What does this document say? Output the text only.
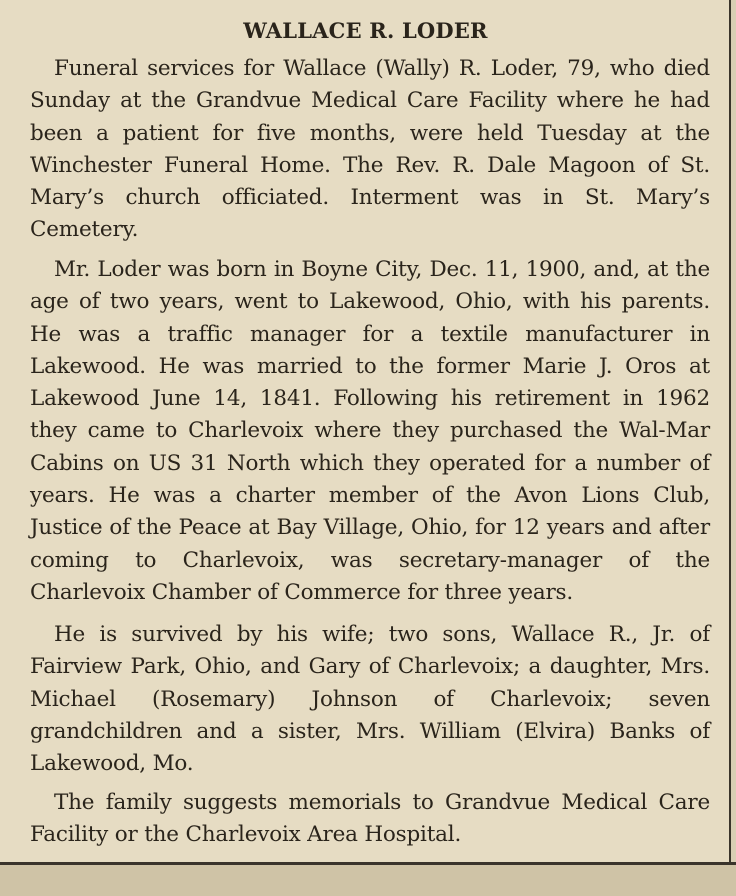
WALLACE R. LODER

Funeral services for Wallace (Wally) R. Loder, 79, who died Sunday at the Grandvue Medical Care Facility where he had been a patient for five months, were held Tuesday at the Winchester Funeral Home. The Rev. R. Dale Magoon of St. Mary’s church officiated. Interment was in St. Mary’s Cemetery.

Mr. Loder was born in Boyne City, Dec. 11, 1900, and, at the age of two years, went to Lakewood, Ohio, with his parents. He was a traffic manager for a textile manufacturer in Lakewood. He was married to the former Marie J. Oros at Lakewood June 14, 1841. Following his retirement in 1962 they came to Charlevoix where they purchased the Wal-Mar Cabins on US 31 North which they operated for a number of years. He was a charter member of the Avon Lions Club, Justice of the Peace at Bay Village, Ohio, for 12 years and after coming to Charlevoix, was secretary-manager of the Charlevoix Chamber of Commerce for three years.

He is survived by his wife; two sons, Wallace R., Jr. of Fairview Park, Ohio, and Gary of Charlevoix; a daughter, Mrs. Michael (Rosemary) Johnson of Charlevoix; seven grandchildren and a sister, Mrs. William (Elvira) Banks of Lakewood, Mo.

The family suggests memorials to Grandvue Medical Care Facility or the Charlevoix Area Hospital.
